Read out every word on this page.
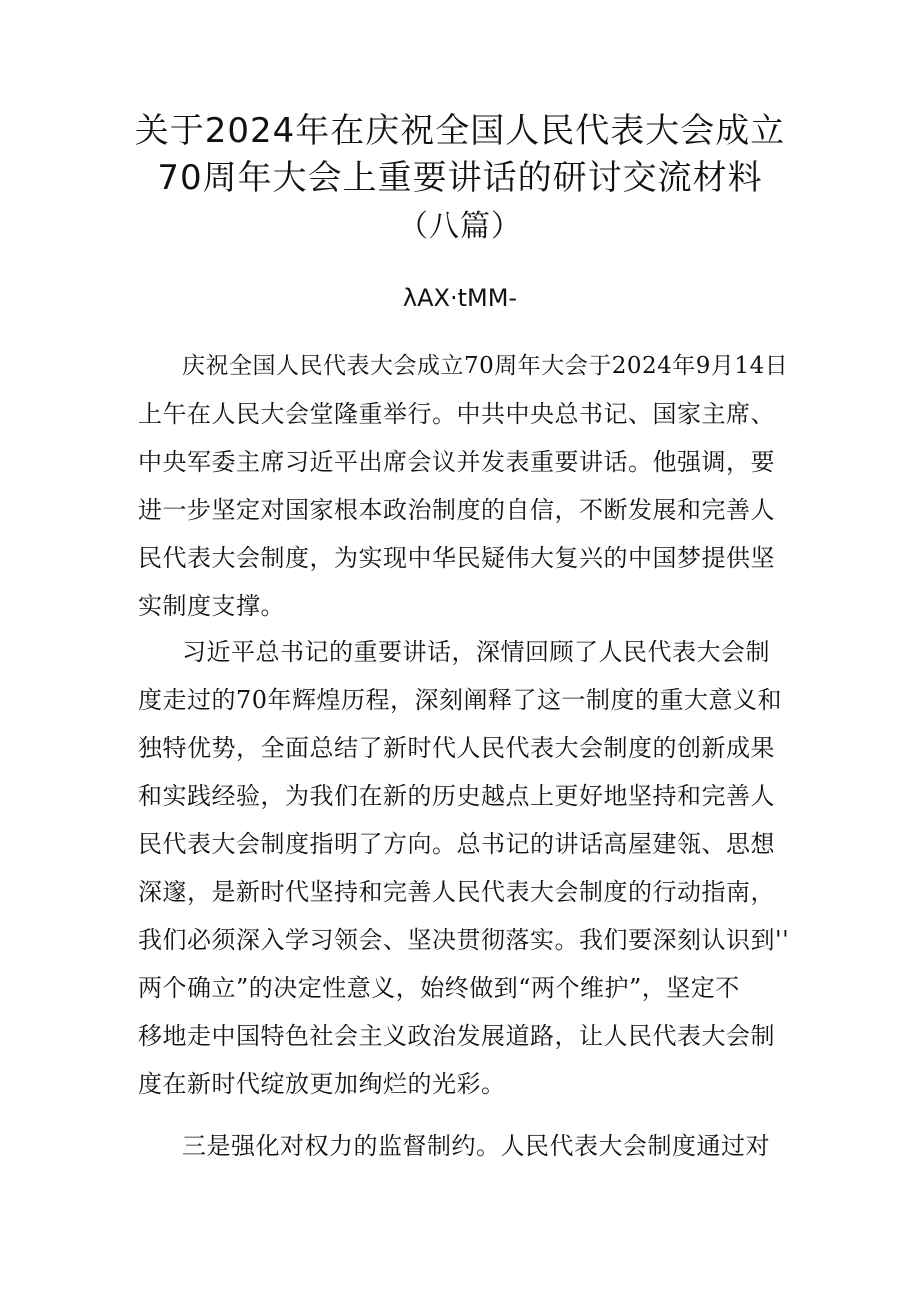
关于2024年在庆祝全国人民代表大会成立
70周年大会上重要讲话的研讨交流材料
（八篇）
λAX·tMM-
庆祝全国人民代表大会成立70周年大会于2024年9月14日
上午在人民大会堂隆重举行。中共中央总书记、国家主席、
中央军委主席习近平出席会议并发表重要讲话。他强调，要
进一步坚定对国家根本政治制度的自信，不断发展和完善人
民代表大会制度，为实现中华民疑伟大复兴的中国梦提供坚
实制度支撑。
习近平总书记的重要讲话，深情回顾了人民代表大会制
度走过的70年辉煌历程，深刻阐释了这一制度的重大意义和
独特优势，全面总结了新时代人民代表大会制度的创新成果
和实践经验，为我们在新的历史越点上更好地坚持和完善人
民代表大会制度指明了方向。总书记的讲话高屋建瓴、思想
深邃，是新时代坚持和完善人民代表大会制度的行动指南，
我们必须深入学习领会、坚决贯彻落实。我们要深刻认识到''
两个确立”的决定性意义，始终做到“两个维护”，坚定不
移地走中国特色社会主义政治发展道路，让人民代表大会制
度在新时代绽放更加绚烂的光彩。
三是强化对权力的监督制约。人民代表大会制度通过对
